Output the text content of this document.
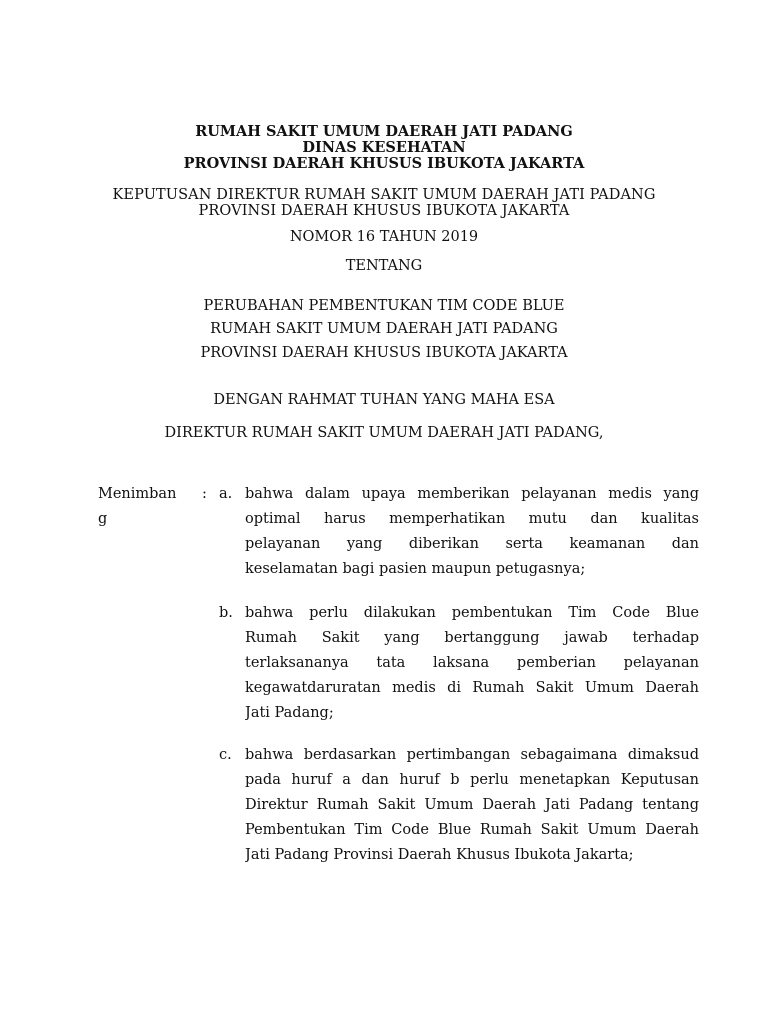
RUMAH SAKIT UMUM DAERAH JATI PADANG
DINAS KESEHATAN
PROVINSI DAERAH KHUSUS IBUKOTA JAKARTA
KEPUTUSAN DIREKTUR RUMAH SAKIT UMUM DAERAH JATI PADANG
PROVINSI DAERAH KHUSUS IBUKOTA JAKARTA
NOMOR 16 TAHUN 2019
TENTANG
PERUBAHAN PEMBENTUKAN TIM CODE BLUE
RUMAH SAKIT UMUM DAERAH JATI PADANG
PROVINSI DAERAH KHUSUS IBUKOTA JAKARTA
DENGAN RAHMAT TUHAN YANG MAHA ESA
DIREKTUR RUMAH SAKIT UMUM DAERAH JATI PADANG,
Menimban
g
: a. bahwa dalam upaya memberikan pelayanan medis yang
optimal harus memperhatikan mutu dan kualitas
pelayanan yang diberikan serta keamanan dan
keselamatan bagi pasien maupun petugasnya;
b. bahwa perlu dilakukan pembentukan Tim Code Blue
Rumah Sakit yang bertanggung jawab terhadap
terlaksananya tata laksana pemberian pelayanan
kegawatdaruratan medis di Rumah Sakit Umum Daerah
Jati Padang;
c. bahwa berdasarkan pertimbangan sebagaimana dimaksud
pada huruf a dan huruf b perlu menetapkan Keputusan
Direktur Rumah Sakit Umum Daerah Jati Padang tentang
Pembentukan Tim Code Blue Rumah Sakit Umum Daerah
Jati Padang Provinsi Daerah Khusus Ibukota Jakarta;
